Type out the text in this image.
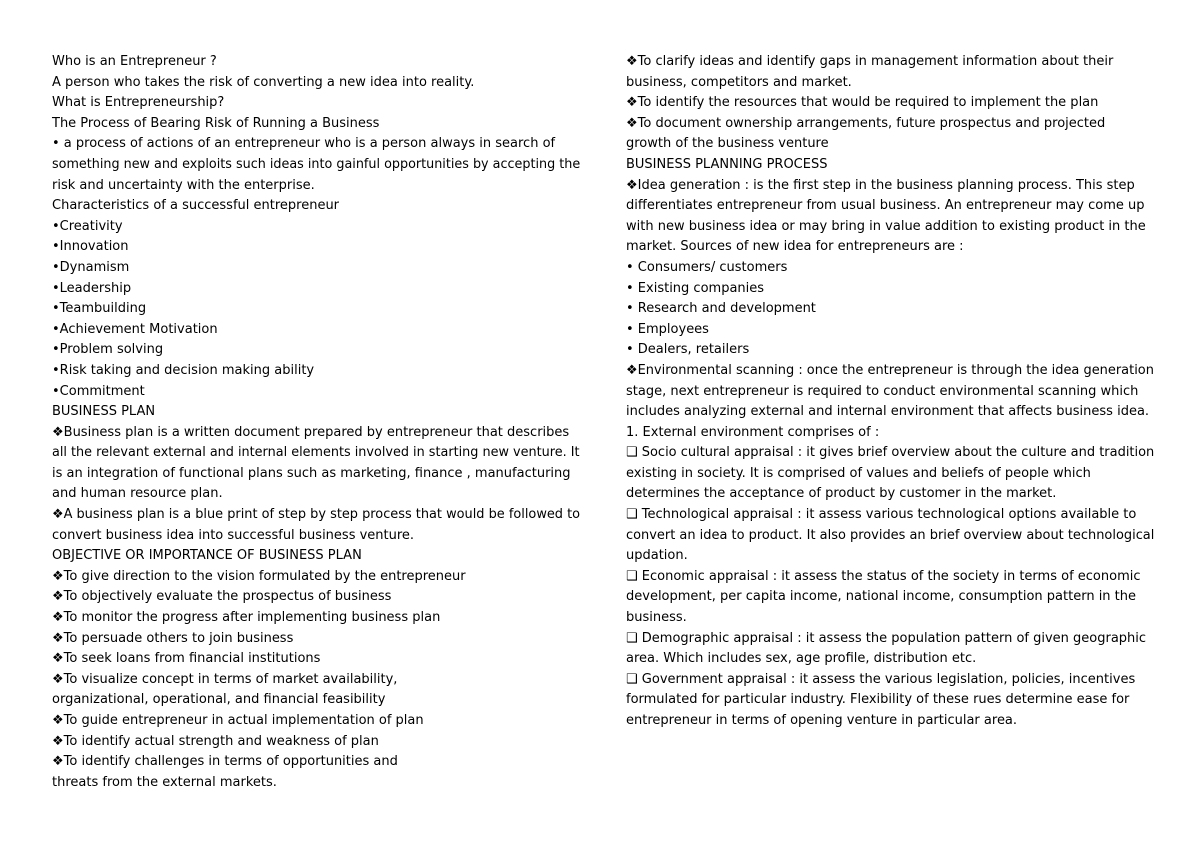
Who is an Entrepreneur ?
A person who takes the risk of converting a new idea into reality.
What is Entrepreneurship?
The Process of Bearing Risk of Running a Business
• a process of actions of an entrepreneur who is a person always in search of
something new and exploits such ideas into gainful opportunities by accepting the
risk and uncertainty with the enterprise.
Characteristics of a successful entrepreneur
•Creativity
•Innovation
•Dynamism
•Leadership
•Teambuilding
•Achievement Motivation
•Problem solving
•Risk taking and decision making ability
•Commitment
BUSINESS PLAN
❖Business plan is a written document prepared by entrepreneur that describes
all the relevant external and internal elements involved in starting new venture. It
is an integration of functional plans such as marketing, finance , manufacturing
and human resource plan.
❖A business plan is a blue print of step by step process that would be followed to
convert business idea into successful business venture.
OBJECTIVE OR IMPORTANCE OF BUSINESS PLAN
❖To give direction to the vision formulated by the entrepreneur
❖To objectively evaluate the prospectus of business
❖To monitor the progress after implementing business plan
❖To persuade others to join business
❖To seek loans from financial institutions
❖To visualize concept in terms of market availability,
organizational, operational, and financial feasibility
❖To guide entrepreneur in actual implementation of plan
❖To identify actual strength and weakness of plan
❖To identify challenges in terms of opportunities and
threats from the external markets.
❖To clarify ideas and identify gaps in management information about their
business, competitors and market.
❖To identify the resources that would be required to implement the plan
❖To document ownership arrangements, future prospectus and projected
growth of the business venture
BUSINESS PLANNING PROCESS
❖Idea generation : is the first step in the business planning process. This step
differentiates entrepreneur from usual business. An entrepreneur may come up
with new business idea or may bring in value addition to existing product in the
market. Sources of new idea for entrepreneurs are :
• Consumers/ customers
• Existing companies
• Research and development
• Employees
• Dealers, retailers
❖Environmental scanning : once the entrepreneur is through the idea generation
stage, next entrepreneur is required to conduct environmental scanning which
includes analyzing external and internal environment that affects business idea.
1. External environment comprises of :
❑ Socio cultural appraisal : it gives brief overview about the culture and tradition
existing in society. It is comprised of values and beliefs of people which
determines the acceptance of product by customer in the market.
❑ Technological appraisal : it assess various technological options available to
convert an idea to product. It also provides an brief overview about technological
updation.
❑ Economic appraisal : it assess the status of the society in terms of economic
development, per capita income, national income, consumption pattern in the
business.
❑ Demographic appraisal : it assess the population pattern of given geographic
area. Which includes sex, age profile, distribution etc.
❑ Government appraisal : it assess the various legislation, policies, incentives
formulated for particular industry. Flexibility of these rues determine ease for
entrepreneur in terms of opening venture in particular area.
